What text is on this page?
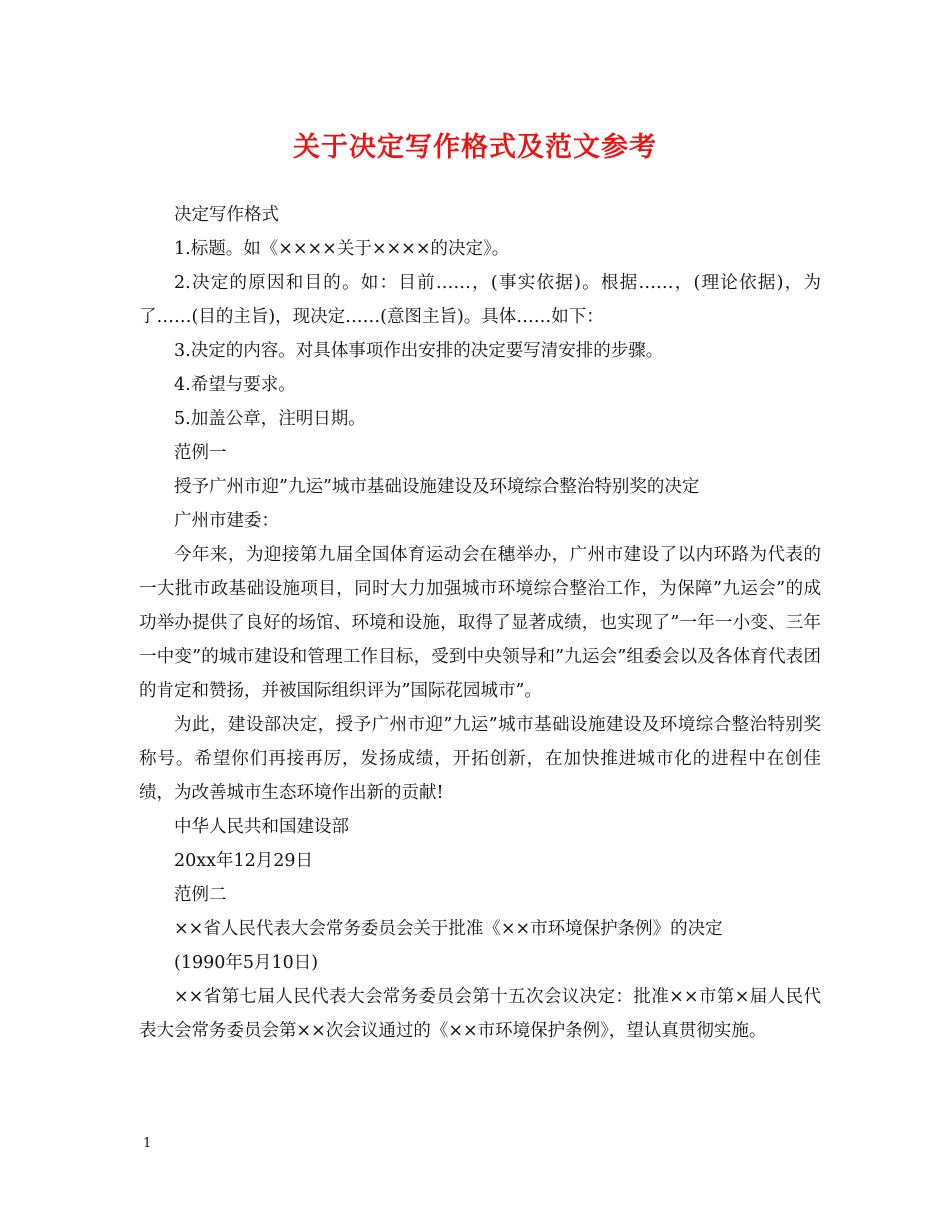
关于决定写作格式及范文参考

决定写作格式

1.标题。如《××××关于××××的决定》。

2.决定的原因和目的。如：目前……，(事实依据)。根据……，(理论依据)，为了……(目的主旨)，现决定……(意图主旨)。具体……如下：

3.决定的内容。对具体事项作出安排的决定要写清安排的步骤。

4.希望与要求。

5.加盖公章，注明日期。

范例一

授予广州市迎”九运”城市基础设施建设及环境综合整治特别奖的决定

广州市建委：

今年来，为迎接第九届全国体育运动会在穗举办，广州市建设了以内环路为代表的一大批市政基础设施项目，同时大力加强城市环境综合整治工作，为保障”九运会”的成功举办提供了良好的场馆、环境和设施，取得了显著成绩，也实现了”一年一小变、三年一中变”的城市建设和管理工作目标，受到中央领导和”九运会”组委会以及各体育代表团的肯定和赞扬，并被国际组织评为”国际花园城市”。

为此，建设部决定，授予广州市迎”九运”城市基础设施建设及环境综合整治特别奖称号。希望你们再接再厉，发扬成绩，开拓创新，在加快推进城市化的进程中在创佳绩，为改善城市生态环境作出新的贡献!

中华人民共和国建设部

20xx年12月29日

范例二

××省人民代表大会常务委员会关于批准《××市环境保护条例》的决定

(1990年5月10日)

××省第七届人民代表大会常务委员会第十五次会议决定：批准××市第×届人民代表大会常务委员会第××次会议通过的《××市环境保护条例》，望认真贯彻实施。

1
